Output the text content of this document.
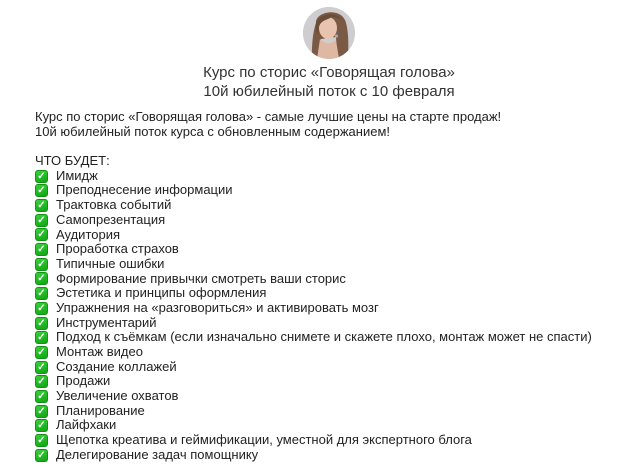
Курс по сторис «Говорящая голова»
10й юбилейный поток с 10 февраля
Курс по сторис «Говорящая голова» - самые лучшие цены на старте продаж!
10й юбилейный поток курса с обновленным содержанием!
ЧТО БУДЕТ:
✓ Имидж
✓ Преподнесение информации
✓ Трактовка событий
✓ Самопрезентация
✓ Аудитория
✓ Проработка страхов
✓ Типичные ошибки
✓ Формирование привычки смотреть ваши сторис
✓ Эстетика и принципы оформления
✓ Упражнения на «разговориться» и активировать мозг
✓ Инструментарий
✓ Подход к съёмкам (если изначально снимете и скажете плохо, монтаж может не спасти)
✓ Монтаж видео
✓ Создание коллажей
✓ Продажи
✓ Увеличение охватов
✓ Планирование
✓ Лайфхаки
✓ Щепотка креатива и геймификации, уместной для экспертного блога
✓ Делегирование задач помощнику
